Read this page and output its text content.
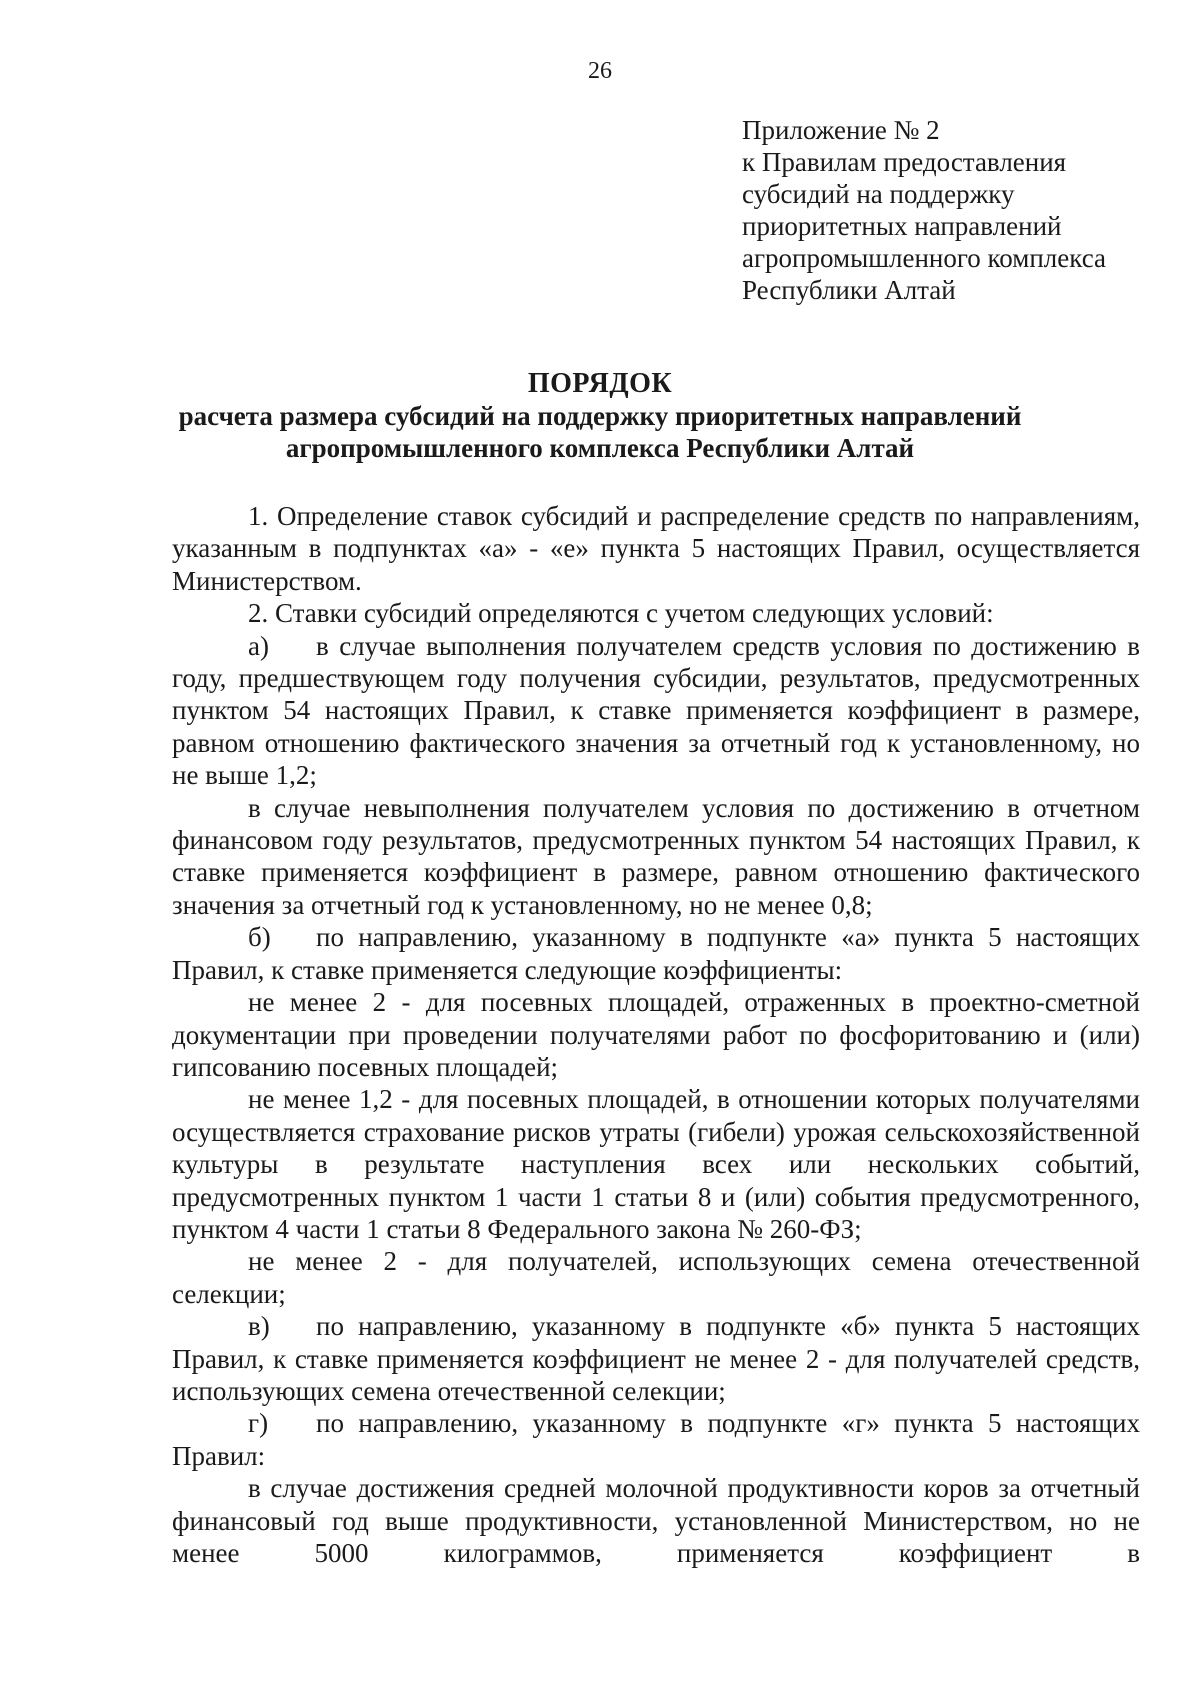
26
Приложение № 2
к Правилам предоставления
субсидий на поддержку
приоритетных направлений
агропромышленного комплекса
Республики Алтай
ПОРЯДОК
расчета размера субсидий на поддержку приоритетных направлений
агропромышленного комплекса Республики Алтай

1. Определение ставок субсидий и распределение средств по направлениям, указанным в подпунктах «а» - «е» пункта 5 настоящих Правил, осуществляется Министерством.

2. Ставки субсидий определяются с учетом следующих условий:

а) в случае выполнения получателем средств условия по достижению в году, предшествующем году получения субсидии, результатов, предусмотренных пунктом 54 настоящих Правил, к ставке применяется коэффициент в размере, равном отношению фактического значения за отчетный год к установленному, но не выше 1,2;

в случае невыполнения получателем условия по достижению в отчетном финансовом году результатов, предусмотренных пунктом 54 настоящих Правил, к ставке применяется коэффициент в размере, равном отношению фактического значения за отчетный год к установленному, но не менее 0,8;

б) по направлению, указанному в подпункте «а» пункта 5 настоящих Правил, к ставке применяется следующие коэффициенты:

не менее 2 - для посевных площадей, отраженных в проектно-сметной документации при проведении получателями работ по фосфоритованию и (или) гипсованию посевных площадей;

не менее 1,2 - для посевных площадей, в отношении которых получателями осуществляется страхование рисков утраты (гибели) урожая сельскохозяйственной культуры в результате наступления всех или нескольких событий, предусмотренных пунктом 1 части 1 статьи 8 и (или) события предусмотренного, пунктом 4 части 1 статьи 8 Федерального закона № 260-ФЗ;

не менее 2 - для получателей, использующих семена отечественной селекции;

в) по направлению, указанному в подпункте «б» пункта 5 настоящих Правил, к ставке применяется коэффициент не менее 2 - для получателей средств, использующих семена отечественной селекции;

г) по направлению, указанному в подпункте «г» пункта 5 настоящих Правил:

в случае достижения средней молочной продуктивности коров за отчетный финансовый год выше продуктивности, установленной Министерством, но не менее 5000 килограммов, применяется коэффициент в
